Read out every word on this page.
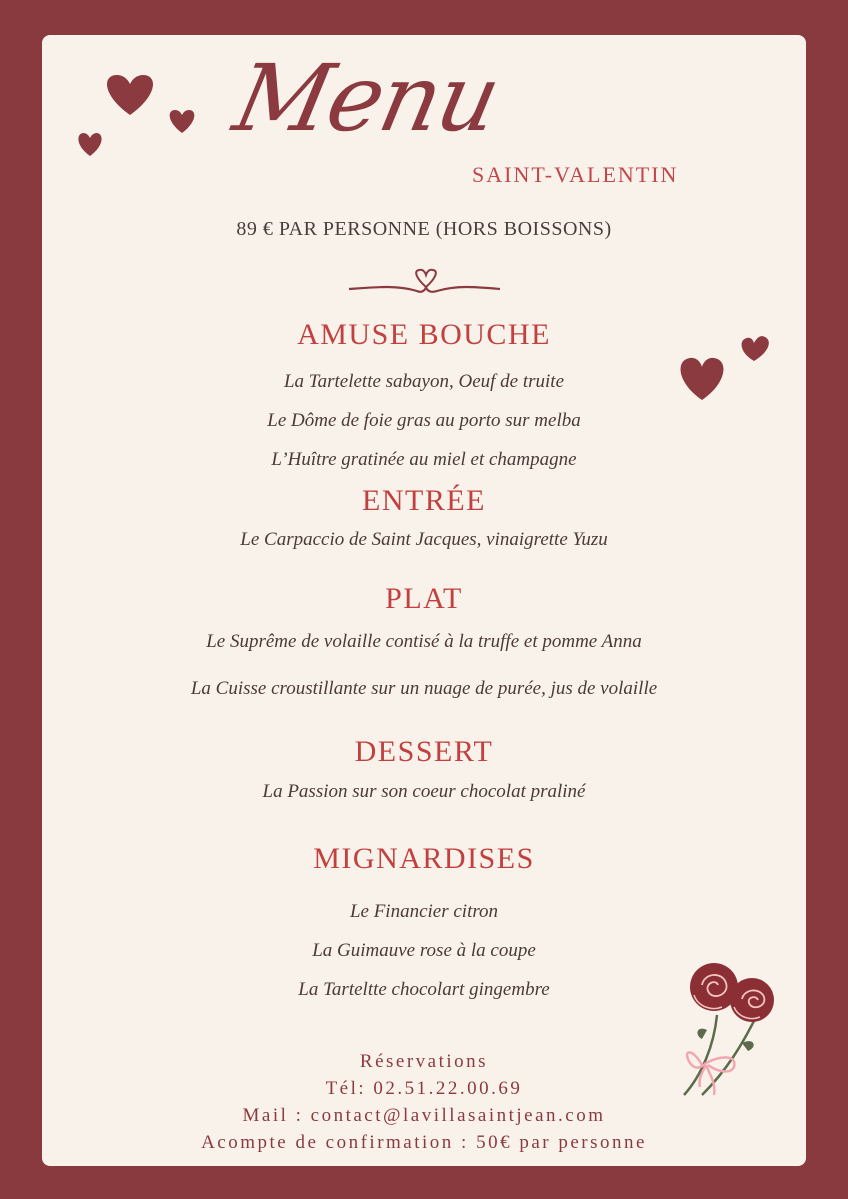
Menu
SAINT-VALENTIN
89 € PAR PERSONNE (HORS BOISSONS)
AMUSE BOUCHE
La Tartelette sabayon, Oeuf de truite
Le Dôme de foie gras au porto sur melba
L’Huître gratinée au miel et champagne
ENTRÉE
Le Carpaccio de Saint Jacques, vinaigrette Yuzu
PLAT
Le Suprême de volaille contisé à la truffe et pomme Anna
La Cuisse croustillante sur un nuage de purée, jus de volaille
DESSERT
La Passion sur son coeur chocolat praliné
MIGNARDISES
Le Financier citron
La Guimauve rose à la coupe
La Tarteltte chocolart gingembre
Réservations
Tél: 02.51.22.00.69
Mail : contact@lavillasaintjean.com
Acompte de confirmation : 50€ par personne
